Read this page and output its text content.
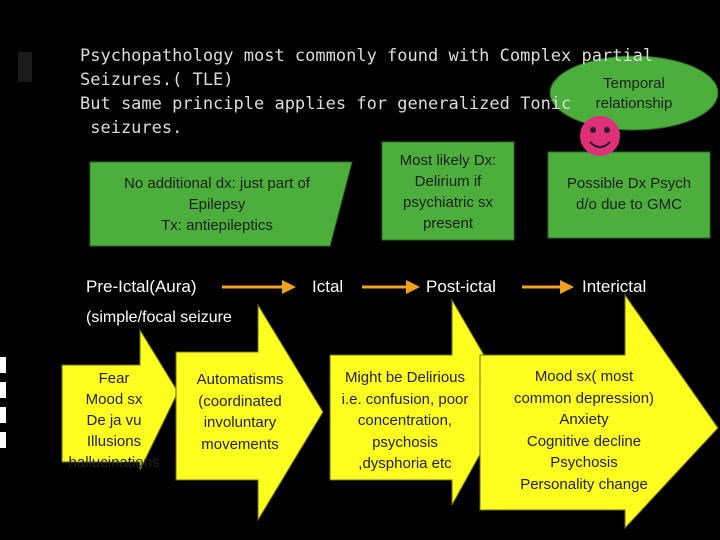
Psychopathology most commonly found with Complex partial
Seizures.( TLE)
But same principle applies for generalized Tonic
seizures.
Temporal
relationship
No additional dx: just part of
Epilepsy
Tx: antiepileptics
Most likely Dx:
Delirium if
psychiatric sx
present
Possible Dx Psych
d/o due to GMC
Pre-Ictal(Aura)	Ictal	Post-ictal	Interictal
(simple/focal seizure
Fear
Mood sx
De ja vu
Illusions
hallucinations
Automatisms
(coordinated
involuntary
movements
Might be Delirious
i.e. confusion, poor
concentration,
psychosis
,dysphoria etc
Mood sx( most
common depression)
Anxiety
Cognitive decline
Psychosis
Personality change
